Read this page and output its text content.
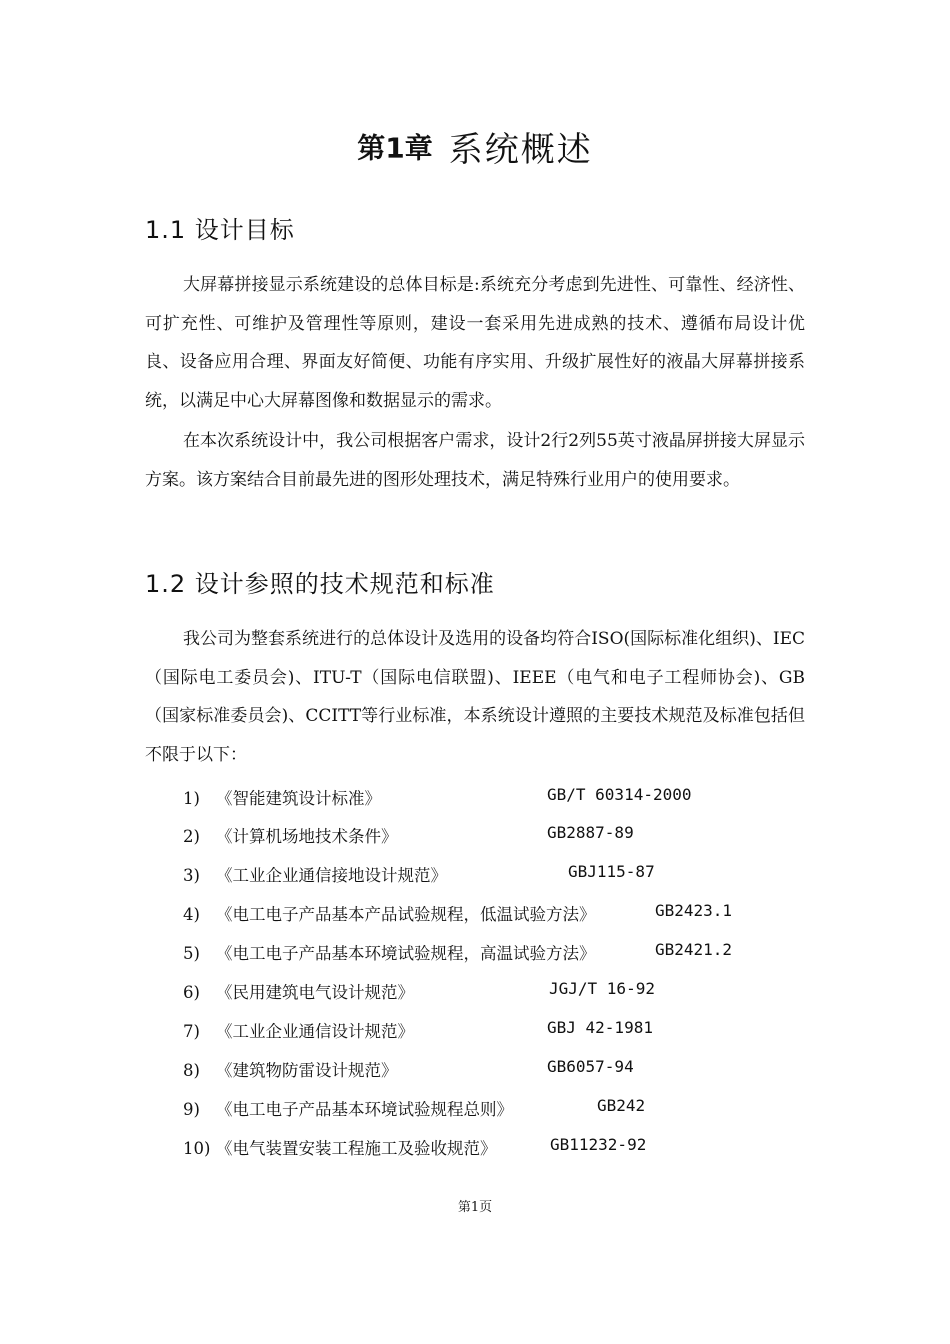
第1章 系统概述
1.1 设计目标
大屏幕拼接显示系统建设的总体目标是:系统充分考虑到先进性、可靠性、经济性、可扩充性、可维护及管理性等原则，建设一套采用先进成熟的技术、遵循布局设计优良、设备应用合理、界面友好简便、功能有序实用、升级扩展性好的液晶大屏幕拼接系统，以满足中心大屏幕图像和数据显示的需求。
在本次系统设计中，我公司根据客户需求，设计2行2列55英寸液晶屏拼接大屏显示方案。该方案结合目前最先进的图形处理技术，满足特殊行业用户的使用要求。
1.2 设计参照的技术规范和标准
我公司为整套系统进行的总体设计及选用的设备均符合ISO(国际标准化组织)、IEC（国际电工委员会)、ITU-T（国际电信联盟)、IEEE（电气和电子工程师协会)、GB（国家标准委员会)、CCITT等行业标准，本系统设计遵照的主要技术规范及标准包括但不限于以下：
1) 《智能建筑设计标准》	GB/T 60314-2000
2) 《计算机场地技术条件》	GB2887-89
3) 《工业企业通信接地设计规范》	GBJ115-87
4) 《电工电子产品基本产品试验规程，低温试验方法》	GB2423.1
5) 《电工电子产品基本环境试验规程，高温试验方法》	GB2421.2
6) 《民用建筑电气设计规范》	JGJ/T 16-92
7) 《工业企业通信设计规范》	GBJ 42-1981
8) 《建筑物防雷设计规范》	GB6057-94
9) 《电工电子产品基本环境试验规程总则》	GB242
10) 《电气装置安装工程施工及验收规范》	GB11232-92
第1页
